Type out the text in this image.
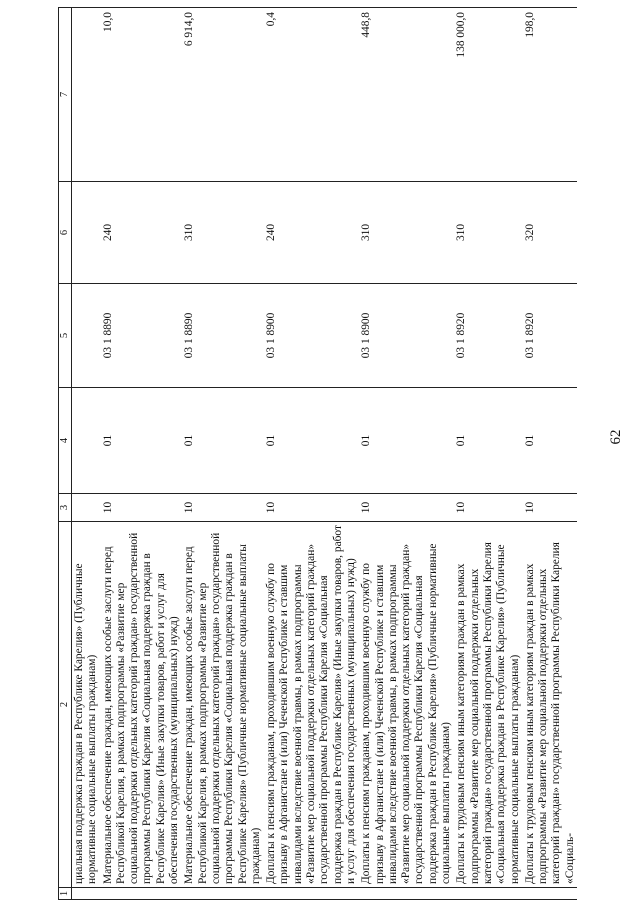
62
1	2	3	4	5	6	7
	циальная поддержка граждан в Республике Карелия» (Публичные нормативные социальные выплаты гражданам)					
	Материальное обеспечение граждан, имеющих особые заслуги перед Республикой Карелия, в рамках подпрограммы «Развитие мер социальной поддержки отдельных категорий граждан» государственной программы Республики Карелия «Социальная поддержка граждан в Республике Карелия» (Иные закупки товаров, работ и услуг для обеспечения государственных (муниципальных) нужд)	10	01	03 1 8890	240	10,0
	Материальное обеспечение граждан, имеющих особые заслуги перед Республикой Карелия, в рамках подпрограммы «Развитие мер социальной поддержки отдельных категорий граждан» государственной программы Республики Карелия «Социальная поддержка граждан в Республике Карелия» (Публичные нормативные социальные выплаты гражданам)	10	01	03 1 8890	310	6 914,0
	Доплаты к пенсиям гражданам, проходившим военную службу по призыву в Афганистане и (или) Чеченской Республике и ставшим инвалидами вследствие военной травмы, в рамках подпрограммы «Развитие мер социальной поддержки отдельных категорий граждан» государственной программы Республики Карелия «Социальная поддержка граждан в Республике Карелия» (Иные закупки товаров, работ и услуг для обеспечения государственных (муниципальных) нужд)	10	01	03 1 8900	240	0,4
	Доплаты к пенсиям гражданам, проходившим военную службу по призыву в Афганистане и (или) Чеченской Республике и ставшим инвалидами вследствие военной травмы, в рамках подпрограммы «Развитие мер социальной поддержки отдельных категорий граждан» государственной программы Республики Карелия «Социальная поддержка граждан в Республике Карелия» (Публичные нормативные социальные выплаты гражданам)	10	01	03 1 8900	310	448,8
	Доплаты к трудовым пенсиям иным категориям граждан в рамках подпрограммы «Развитие мер социальной поддержки отдельных категорий граждан» государственной программы Республики Карелия «Социальная поддержка граждан в Республике Карелия» (Публичные нормативные социальные выплаты гражданам)	10	01	03 1 8920	310	138 000,0
	Доплаты к трудовым пенсиям иным категориям граждан в рамках подпрограммы «Развитие мер социальной поддержки отдельных категорий граждан» государственной программы Республики Карелия «Социаль-	10	01	03 1 8920	320	198,0
